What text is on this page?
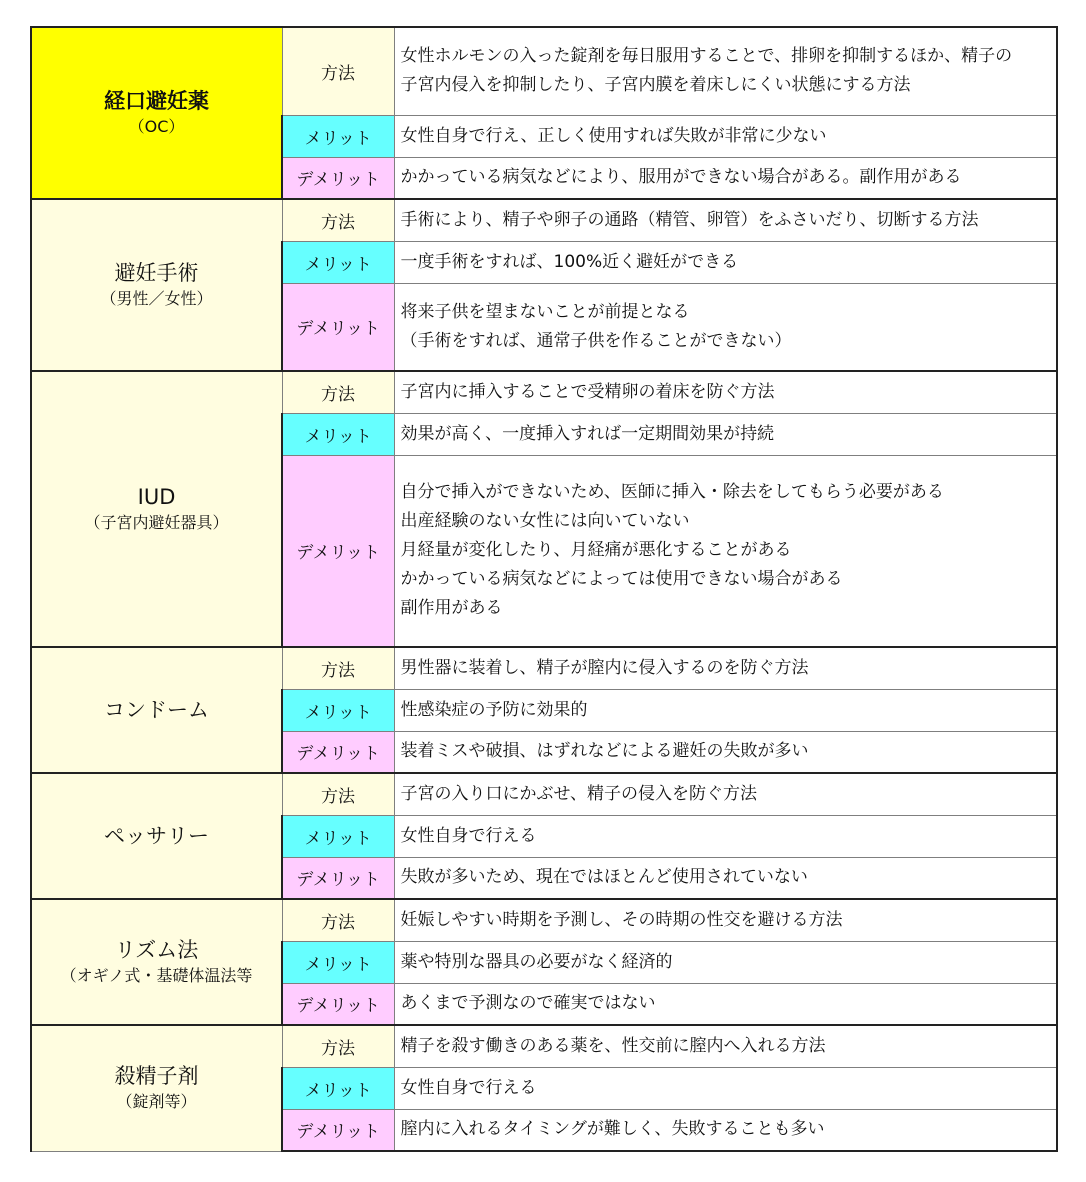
経口避妊薬
（OC）	方法	女性ホルモンの入った錠剤を毎日服用することで、排卵を抑制するほか、精子の
子宮内侵入を抑制したり、子宮内膜を着床しにくい状態にする方法
	メリット	女性自身で行え、正しく使用すれば失敗が非常に少ない
	デメリット	かかっている病気などにより、服用ができない場合がある。副作用がある

避妊手術
（男性／女性）	方法	手術により、精子や卵子の通路（精管、卵管）をふさいだり、切断する方法
	メリット	一度手術をすれば、100%近く避妊ができる
	デメリット	将来子供を望まないことが前提となる
（手術をすれば、通常子供を作ることができない）

IUD
（子宮内避妊器具）	方法	子宮内に挿入することで受精卵の着床を防ぐ方法
	メリット	効果が高く、一度挿入すれば一定期間効果が持続
	デメリット	自分で挿入ができないため、医師に挿入・除去をしてもらう必要がある
出産経験のない女性には向いていない
月経量が変化したり、月経痛が悪化することがある
かかっている病気などによっては使用できない場合がある
副作用がある

コンドーム	方法	男性器に装着し、精子が膣内に侵入するのを防ぐ方法
	メリット	性感染症の予防に効果的
	デメリット	装着ミスや破損、はずれなどによる避妊の失敗が多い

ペッサリー	方法	子宮の入り口にかぶせ、精子の侵入を防ぐ方法
	メリット	女性自身で行える
	デメリット	失敗が多いため、現在ではほとんど使用されていない

リズム法
（オギノ式・基礎体温法等	方法	妊娠しやすい時期を予測し、その時期の性交を避ける方法
	メリット	薬や特別な器具の必要がなく経済的
	デメリット	あくまで予測なので確実ではない

殺精子剤
（錠剤等）	方法	精子を殺す働きのある薬を、性交前に膣内へ入れる方法
	メリット	女性自身で行える
	デメリット	膣内に入れるタイミングが難しく、失敗することも多い
